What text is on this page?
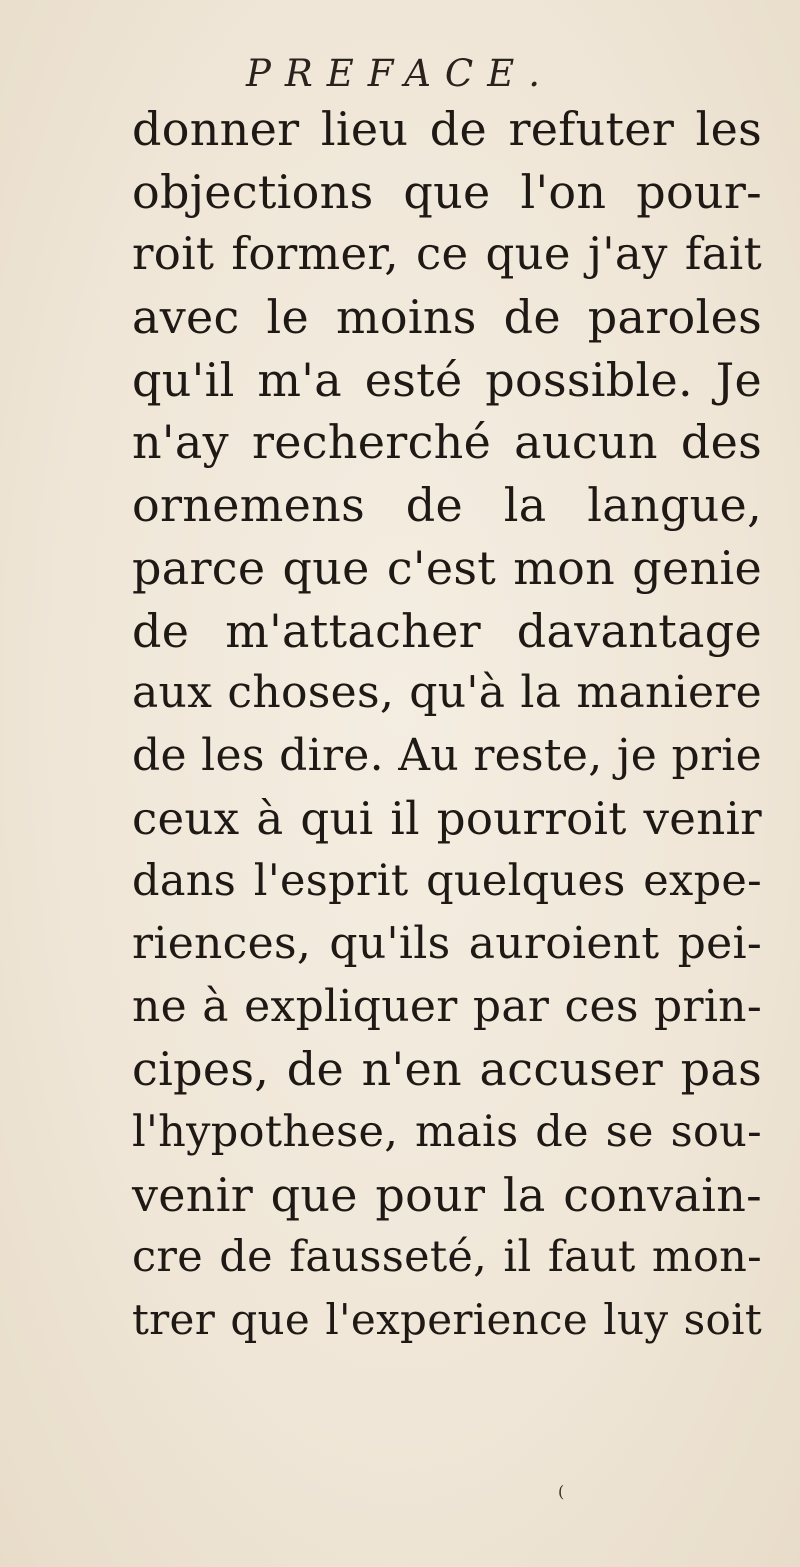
PREFACE.
donner lieu de refuter les
objections que l'on pour-
roit former, ce que j'ay fait
avec le moins de paroles
qu'il m'a esté possible. Je
n'ay recherché aucun des
ornemens de la langue,
parce que c'est mon genie
de m'attacher davantage
aux choses, qu'à la maniere
de les dire. Au reste, je prie
ceux à qui il pourroit venir
dans l'esprit quelques expe-
riences, qu'ils auroient pei-
ne à expliquer par ces prin-
cipes, de n'en accuser pas
l'hypothese, mais de se sou-
venir que pour la convain-
cre de fausseté, il faut mon-
trer que l'experience luy soit
(
